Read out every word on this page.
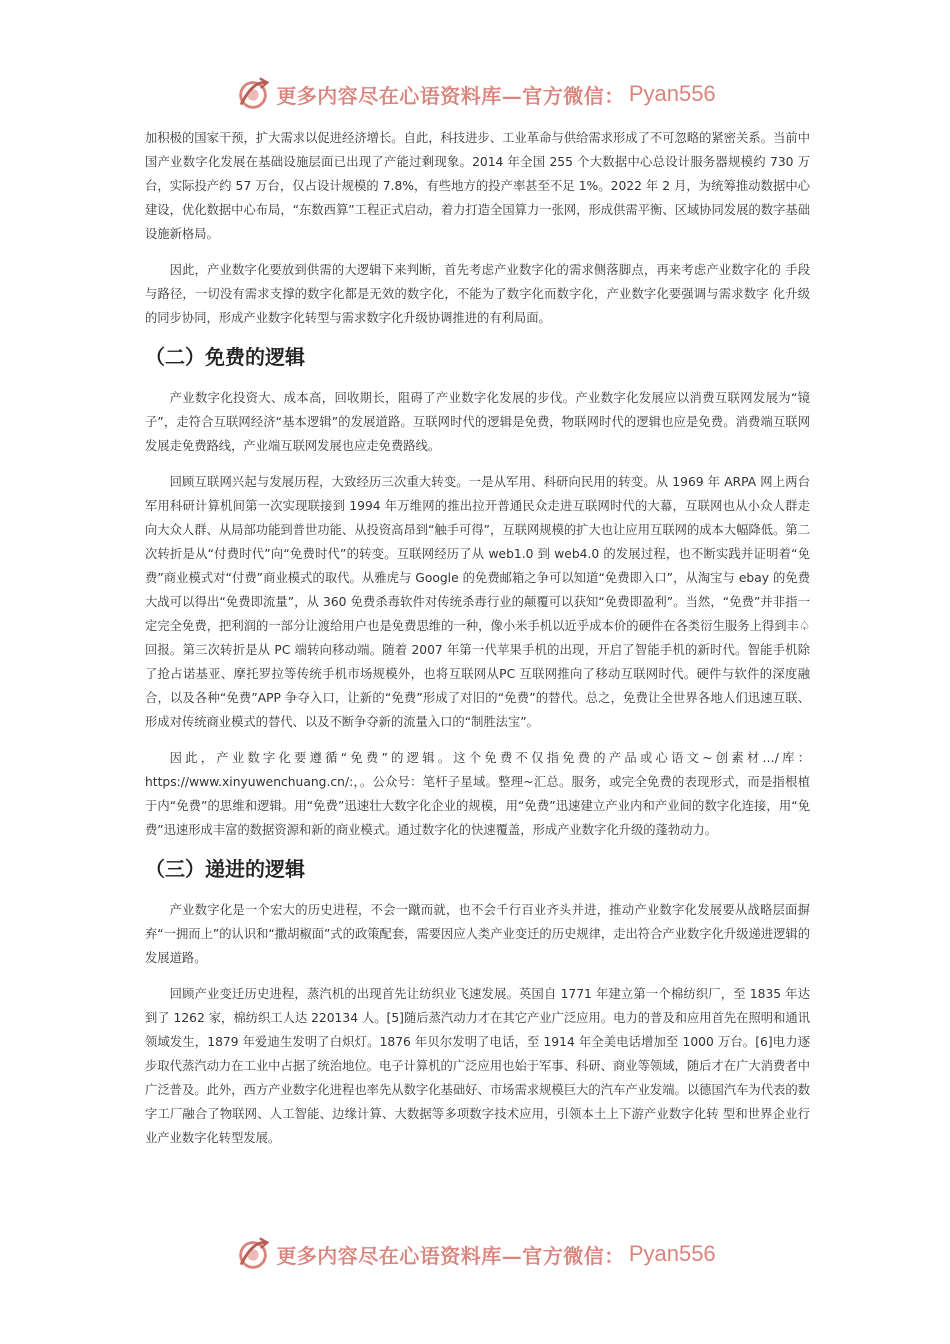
更多内容尽在心语资料库—官方微信： Pyan556

加积极的国家干预，扩大需求以促进经济增长。自此，科技进步、工业革命与供给需求形成了不可忽略的紧密关系。当前中国产业数字化发展在基础设施层面已出现了产能过剩现象。2014 年全国 255 个大数据中心总设计服务器规模约 730 万台，实际投产约 57 万台，仅占设计规模的 7.8%，有些地方的投产率甚至不足 1%。2022 年 2 月，为统筹推动数据中心建设，优化数据中心布局，“东数西算”工程正式启动，着力打造全国算力一张网，形成供需平衡、区域协同发展的数字基础设施新格局。

因此，产业数字化要放到供需的大逻辑下来判断，首先考虑产业数字化的需求侧落脚点，再来考虑产业数字化的 手段与路径，一切没有需求支撑的数字化都是无效的数字化，不能为了数字化而数字化，产业数字化要强调与需求数字 化升级的同步协同，形成产业数字化转型与需求数字化升级协调推进的有利局面。

（二）免费的逻辑

产业数字化投资大、成本高，回收期长，阻碍了产业数字化发展的步伐。产业数字化发展应以消费互联网发展为“镜子”，走符合互联网经济“基本逻辑”的发展道路。互联网时代的逻辑是免费，物联网时代的逻辑也应是免费。消费端互联网发展走免费路线，产业端互联网发展也应走免费路线。

回顾互联网兴起与发展历程，大致经历三次重大转变。一是从军用、科研向民用的转变。从 1969 年 ARPA 网上两台军用科研计算机间第一次实现联接到 1994 年万维网的推出拉开普通民众走进互联网时代的大幕，互联网也从小众人群走向大众人群、从局部功能到普世功能、从投资高昂到“触手可得”，互联网规模的扩大也让应用互联网的成本大幅降低。第二次转折是从“付费时代”向“免费时代”的转变。互联网经历了从 web1.0 到 web4.0 的发展过程，也不断实践并证明着“免费”商业模式对“付费”商业模式的取代。从雅虎与 Google 的免费邮箱之争可以知道“免费即入口”，从淘宝与 ebay 的免费大战可以得出“免费即流量”，从 360 免费杀毒软件对传统杀毒行业的颠覆可以获知“免费即盈利”。当然，“免费”并非指一定完全免费，把利润的一部分让渡给用户也是免费思维的一种，像小米手机以近乎成本价的硬件在各类衍生服务上得到丰♤回报。第三次转折是从 PC 端转向移动端。随着 2007 年第一代苹果手机的出现，开启了智能手机的新时代。智能手机除了抢占诺基亚、摩托罗拉等传统手机市场规模外，也将互联网从PC 互联网推向了移动互联网时代。硬件与软件的深度融合，以及各种“免费”APP 争夺入口，让新的“免费”形成了对旧的“免费”的替代。总之，免费让全世界各地人们迅速互联、形成对传统商业模式的替代、以及不断争夺新的流量入口的“制胜法宝”。

因此，产业数字化要遵循“免费”的逻辑。这个免费不仅指免费的产品或心语文~创素材…/库：https://www.xinyuwenchuang.cn/:，。公众号：笔杆子星域。整理~汇总。服务，或完全免费的表现形式，而是指根植于内“免费”的思维和逻辑。用“免费”迅速壮大数字化企业的规模，用“免费”迅速建立产业内和产业间的数字化连接，用“免费”迅速形成丰富的数据资源和新的商业模式。通过数字化的快速覆盖，形成产业数字化升级的蓬勃动力。

（三）递进的逻辑

产业数字化是一个宏大的历史进程，不会一蹴而就，也不会千行百业齐头并进，推动产业数字化发展要从战略层面摒弃“一拥而上”的认识和“撒胡椒面”式的政策配套，需要因应人类产业变迁的历史规律，走出符合产业数字化升级递进逻辑的发展道路。

回顾产业变迁历史进程，蒸汽机的出现首先让纺织业飞速发展。英国自 1771 年建立第一个棉纺织厂，至 1835 年达到了 1262 家，棉纺织工人达 220134 人。[5]随后蒸汽动力才在其它产业广泛应用。电力的普及和应用首先在照明和通讯领域发生，1879 年爱迪生发明了白炽灯。1876 年贝尔发明了电话，至 1914 年全美电话增加至 1000 万台。[6]电力逐步取代蒸汽动力在工业中占据了统治地位。电子计算机的广泛应用也始于军事、科研、商业等领域，随后才在广大消费者中广泛普及。此外，西方产业数字化进程也率先从数字化基础好、市场需求规模巨大的汽车产业发端。以德国汽车为代表的数字工厂融合了物联网、人工智能、边缘计算、大数据等多项数字技术应用，引领本土上下游产业数字化转 型和世界企业行业产业数字化转型发展。

更多内容尽在心语资料库—官方微信： Pyan556
